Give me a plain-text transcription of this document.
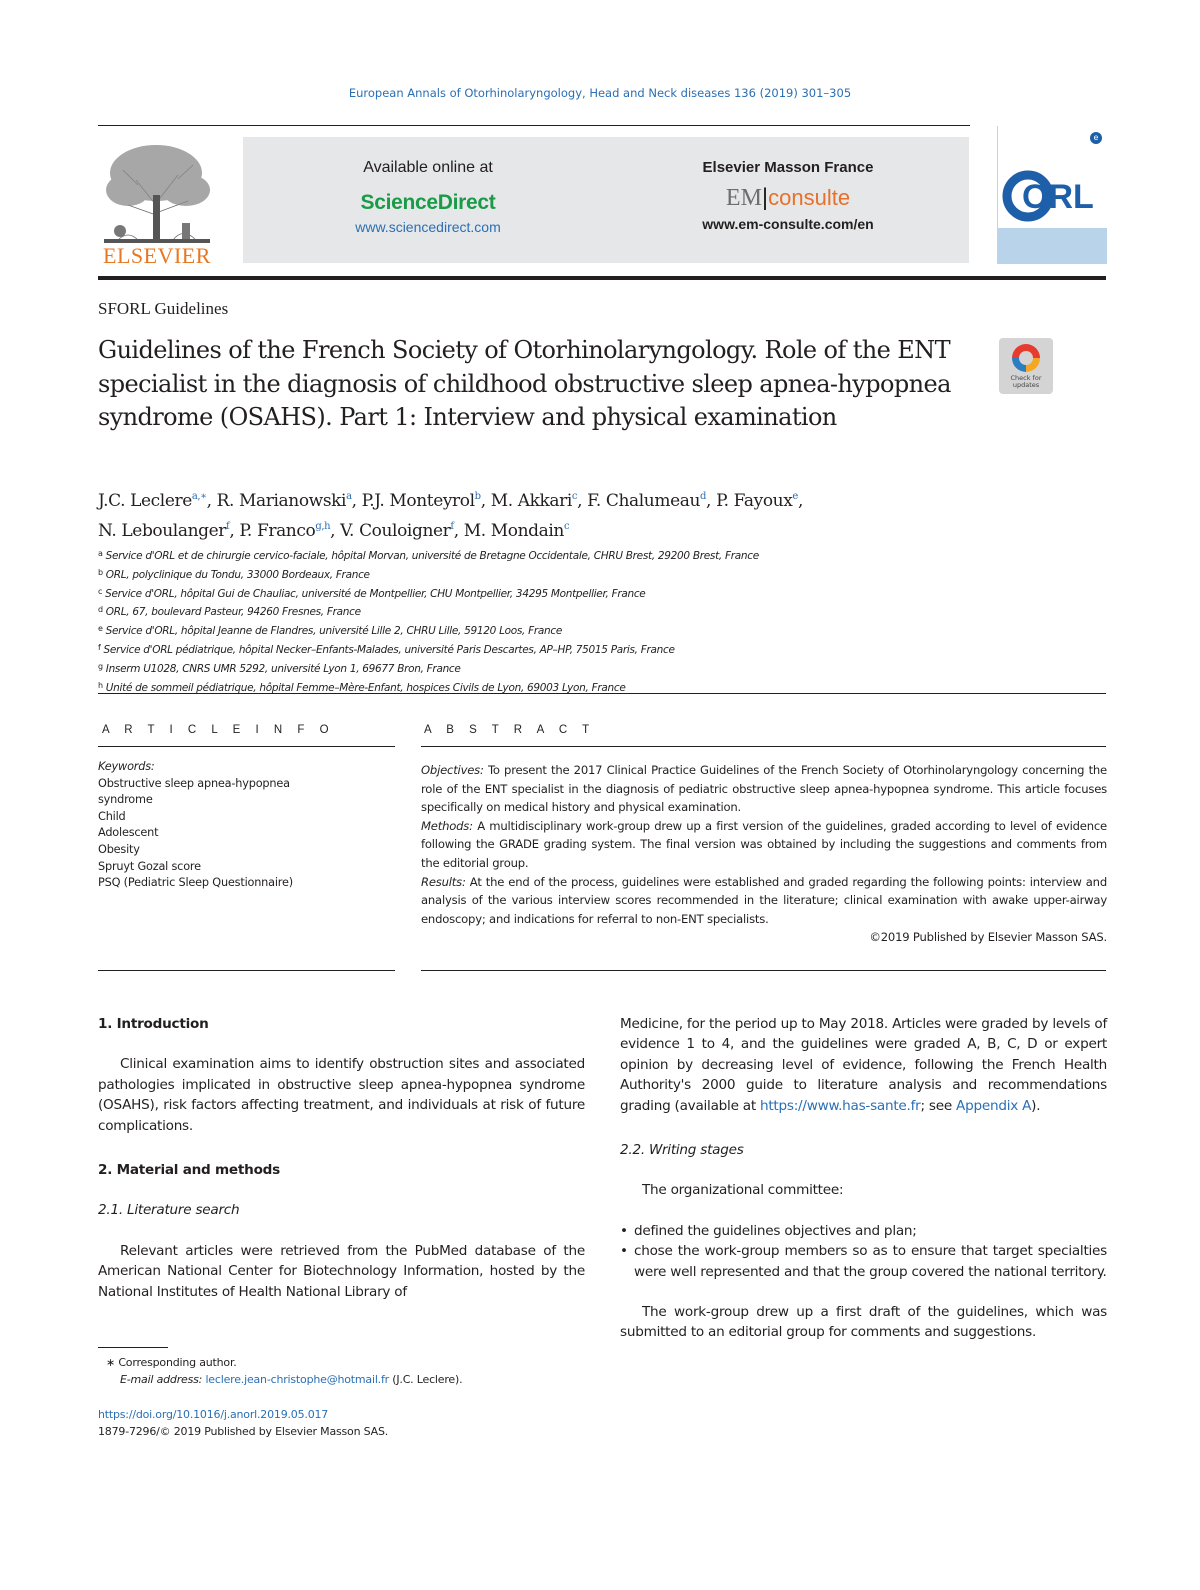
European Annals of Otorhinolaryngology, Head and Neck diseases 136 (2019) 301–305
ELSEVIER
Available online at
ScienceDirect
www.sciencedirect.com
Elsevier Masson France
EM|consulte
www.em-consulte.com/en
e
ORL
SFORL Guidelines
Guidelines of the French Society of Otorhinolaryngology. Role of the ENT specialist in the diagnosis of childhood obstructive sleep apnea-hypopnea syndrome (OSAHS). Part 1: Interview and physical examination
Check for updates
J.C. Leclere$^{a,∗}$, R. Marianowski$^a$, P.J. Monteyrol$^b$, M. Akkari$^c$, F. Chalumeau$^d$, P. Fayoux$^e$,
N. Leboulanger$^f$, P. Franco$^{g,h}$, V. Couloigner$^f$, M. Mondain$^c$
$^a$ Service d'ORL et de chirurgie cervico-faciale, hôpital Morvan, université de Bretagne Occidentale, CHRU Brest, 29200 Brest, France
$^b$ ORL, polyclinique du Tondu, 33000 Bordeaux, France
$^c$ Service d'ORL, hôpital Gui de Chauliac, université de Montpellier, CHU Montpellier, 34295 Montpellier, France
$^d$ ORL, 67, boulevard Pasteur, 94260 Fresnes, France
$^e$ Service d'ORL, hôpital Jeanne de Flandres, université Lille 2, CHRU Lille, 59120 Loos, France
$^f$ Service d'ORL pédiatrique, hôpital Necker–Enfants-Malades, université Paris Descartes, AP–HP, 75015 Paris, France
$^g$ Inserm U1028, CNRS UMR 5292, université Lyon 1, 69677 Bron, France
$^h$ Unité de sommeil pédiatrique, hôpital Femme–Mère-Enfant, hospices Civils de Lyon, 69003 Lyon, France
A R T I C L E I N F O	A B S T R A C T
Keywords:
Obstructive sleep apnea-hypopnea
syndrome
Child
Adolescent
Obesity
Spruyt Gozal score
PSQ (Pediatric Sleep Questionnaire)
Objectives: To present the 2017 Clinical Practice Guidelines of the French Society of Otorhinolaryngology concerning the role of the ENT specialist in the diagnosis of pediatric obstructive sleep apnea-hypopnea syndrome. This article focuses specifically on medical history and physical examination.
Methods: A multidisciplinary work-group drew up a first version of the guidelines, graded according to level of evidence following the GRADE grading system. The final version was obtained by including the suggestions and comments from the editorial group.
Results: At the end of the process, guidelines were established and graded regarding the following points: interview and analysis of the various interview scores recommended in the literature; clinical examination with awake upper-airway endoscopy; and indications for referral to non-ENT specialists.
©2019 Published by Elsevier Masson SAS.
1. Introduction
Clinical examination aims to identify obstruction sites and associated pathologies implicated in obstructive sleep apnea-hypopnea syndrome (OSAHS), risk factors affecting treatment, and individuals at risk of future complications.
2. Material and methods
2.1. Literature search
Relevant articles were retrieved from the PubMed database of the American National Center for Biotechnology Information, hosted by the National Institutes of Health National Library of
Medicine, for the period up to May 2018. Articles were graded by levels of evidence 1 to 4, and the guidelines were graded A, B, C, D or expert opinion by decreasing level of evidence, following the French Health Authority's 2000 guide to literature analysis and recommendations grading (available at https://www.has-sante.fr; see Appendix A).
2.2. Writing stages
The organizational committee:
• defined the guidelines objectives and plan;
• chose the work-group members so as to ensure that target specialties were well represented and that the group covered the national territory.
The work-group drew up a first draft of the guidelines, which was submitted to an editorial group for comments and suggestions.
∗ Corresponding author.
E-mail address: leclere.jean-christophe@hotmail.fr (J.C. Leclere).
https://doi.org/10.1016/j.anorl.2019.05.017
1879-7296/© 2019 Published by Elsevier Masson SAS.
